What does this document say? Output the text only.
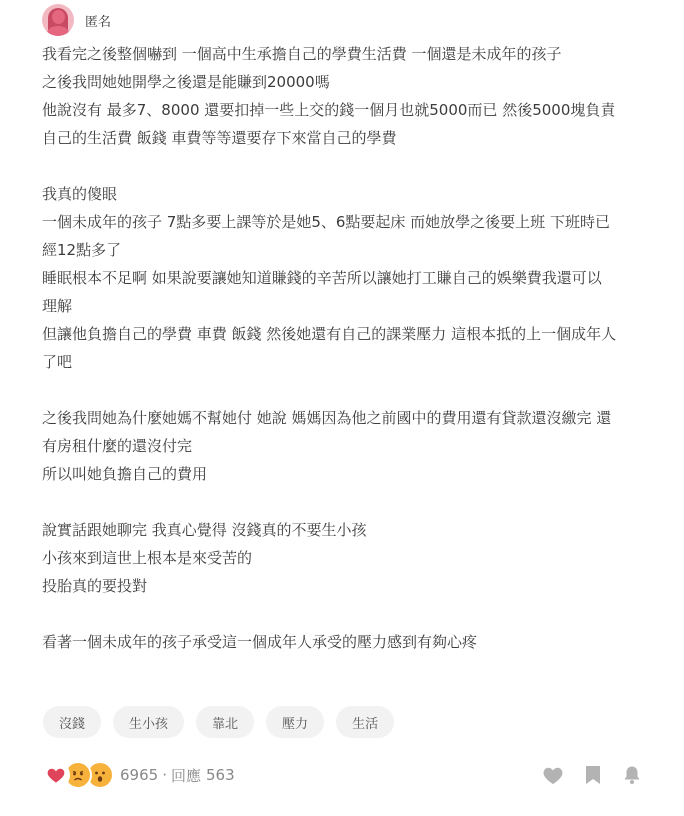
匿名

我看完之後整個嚇到 一個高中生承擔自己的學費生活費 一個還是未成年的孩子

之後我問她她開學之後還是能賺到20000嗎

他說沒有 最多7、8000 還要扣掉一些上交的錢一個月也就5000而已 然後5000塊負責

自己的生活費 飯錢 車費等等還要存下來當自己的學費

我真的傻眼

一個未成年的孩子 7點多要上課等於是她5、6點要起床 而她放學之後要上班 下班時已

經12點多了

睡眠根本不足啊 如果說要讓她知道賺錢的辛苦所以讓她打工賺自己的娛樂費我還可以

理解

但讓他負擔自己的學費 車費 飯錢 然後她還有自己的課業壓力 這根本抵的上一個成年人

了吧

之後我問她為什麼她媽不幫她付 她說 媽媽因為他之前國中的費用還有貸款還沒繳完 還

有房租什麼的還沒付完

所以叫她負擔自己的費用

說實話跟她聊完 我真心覺得 沒錢真的不要生小孩

小孩來到這世上根本是來受苦的

投胎真的要投對

看著一個未成年的孩子承受這一個成年人承受的壓力感到有夠心疼

沒錢	生小孩	靠北	壓力	生活
6965 · 回應 563
